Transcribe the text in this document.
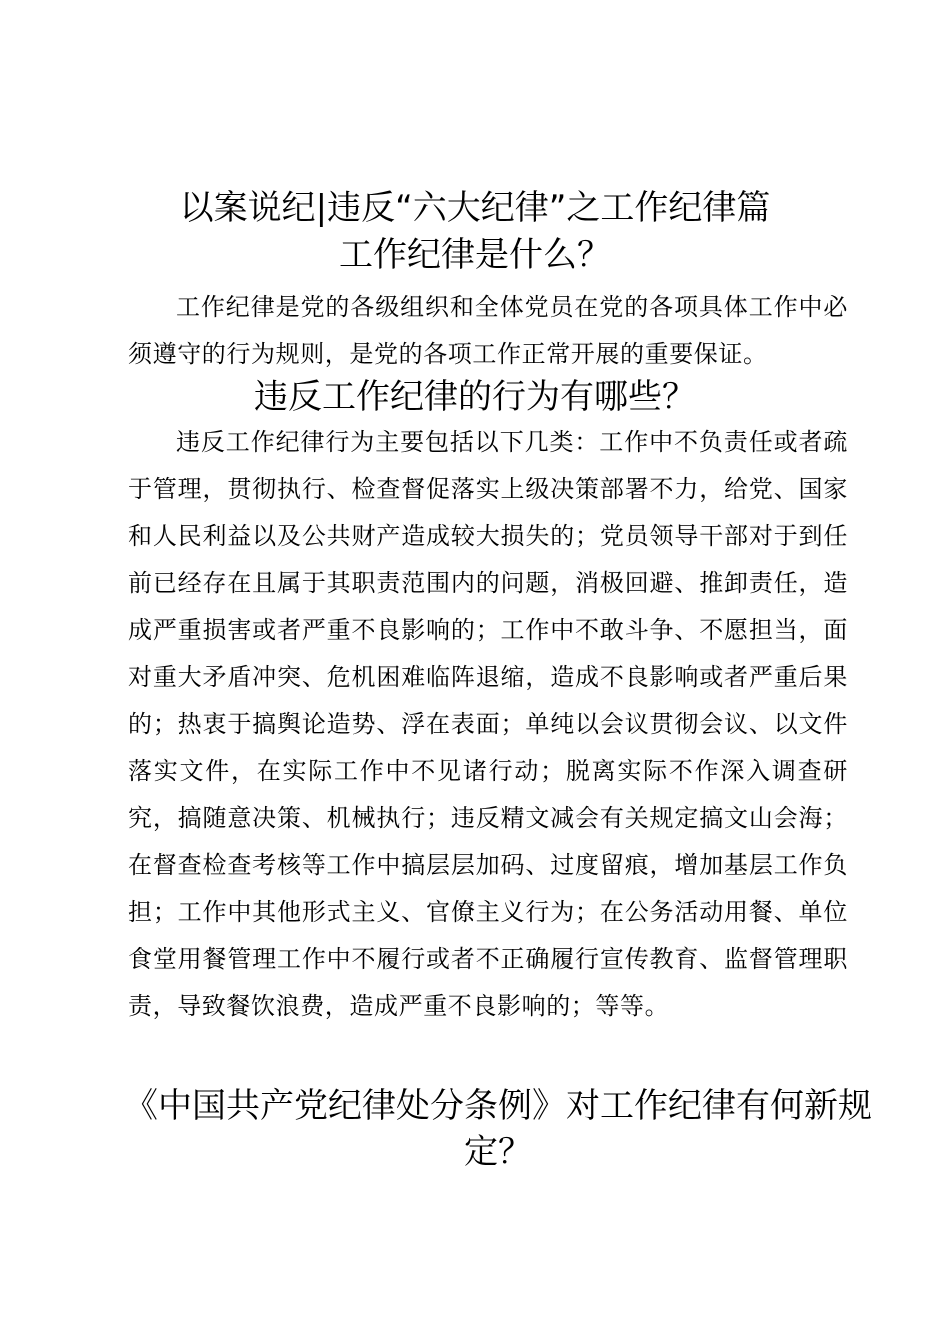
以案说纪|违反“六大纪律”之工作纪律篇
工作纪律是什么？

工作纪律是党的各级组织和全体党员在党的各项具体工作中必须遵守的行为规则，是党的各项工作正常开展的重要保证。

违反工作纪律的行为有哪些？

违反工作纪律行为主要包括以下几类：工作中不负责任或者疏于管理，贯彻执行、检查督促落实上级决策部署不力，给党、国家和人民利益以及公共财产造成较大损失的；党员领导干部对于到任前已经存在且属于其职责范围内的问题，消极回避、推卸责任，造成严重损害或者严重不良影响的；工作中不敢斗争、不愿担当，面对重大矛盾冲突、危机困难临阵退缩，造成不良影响或者严重后果的；热衷于搞舆论造势、浮在表面；单纯以会议贯彻会议、以文件落实文件，在实际工作中不见诸行动；脱离实际不作深入调查研究，搞随意决策、机械执行；违反精文减会有关规定搞文山会海；在督查检查考核等工作中搞层层加码、过度留痕，增加基层工作负担；工作中其他形式主义、官僚主义行为；在公务活动用餐、单位食堂用餐管理工作中不履行或者不正确履行宣传教育、监督管理职责，导致餐饮浪费，造成严重不良影响的；等等。

《中国共产党纪律处分条例》对工作纪律有何新规定？
